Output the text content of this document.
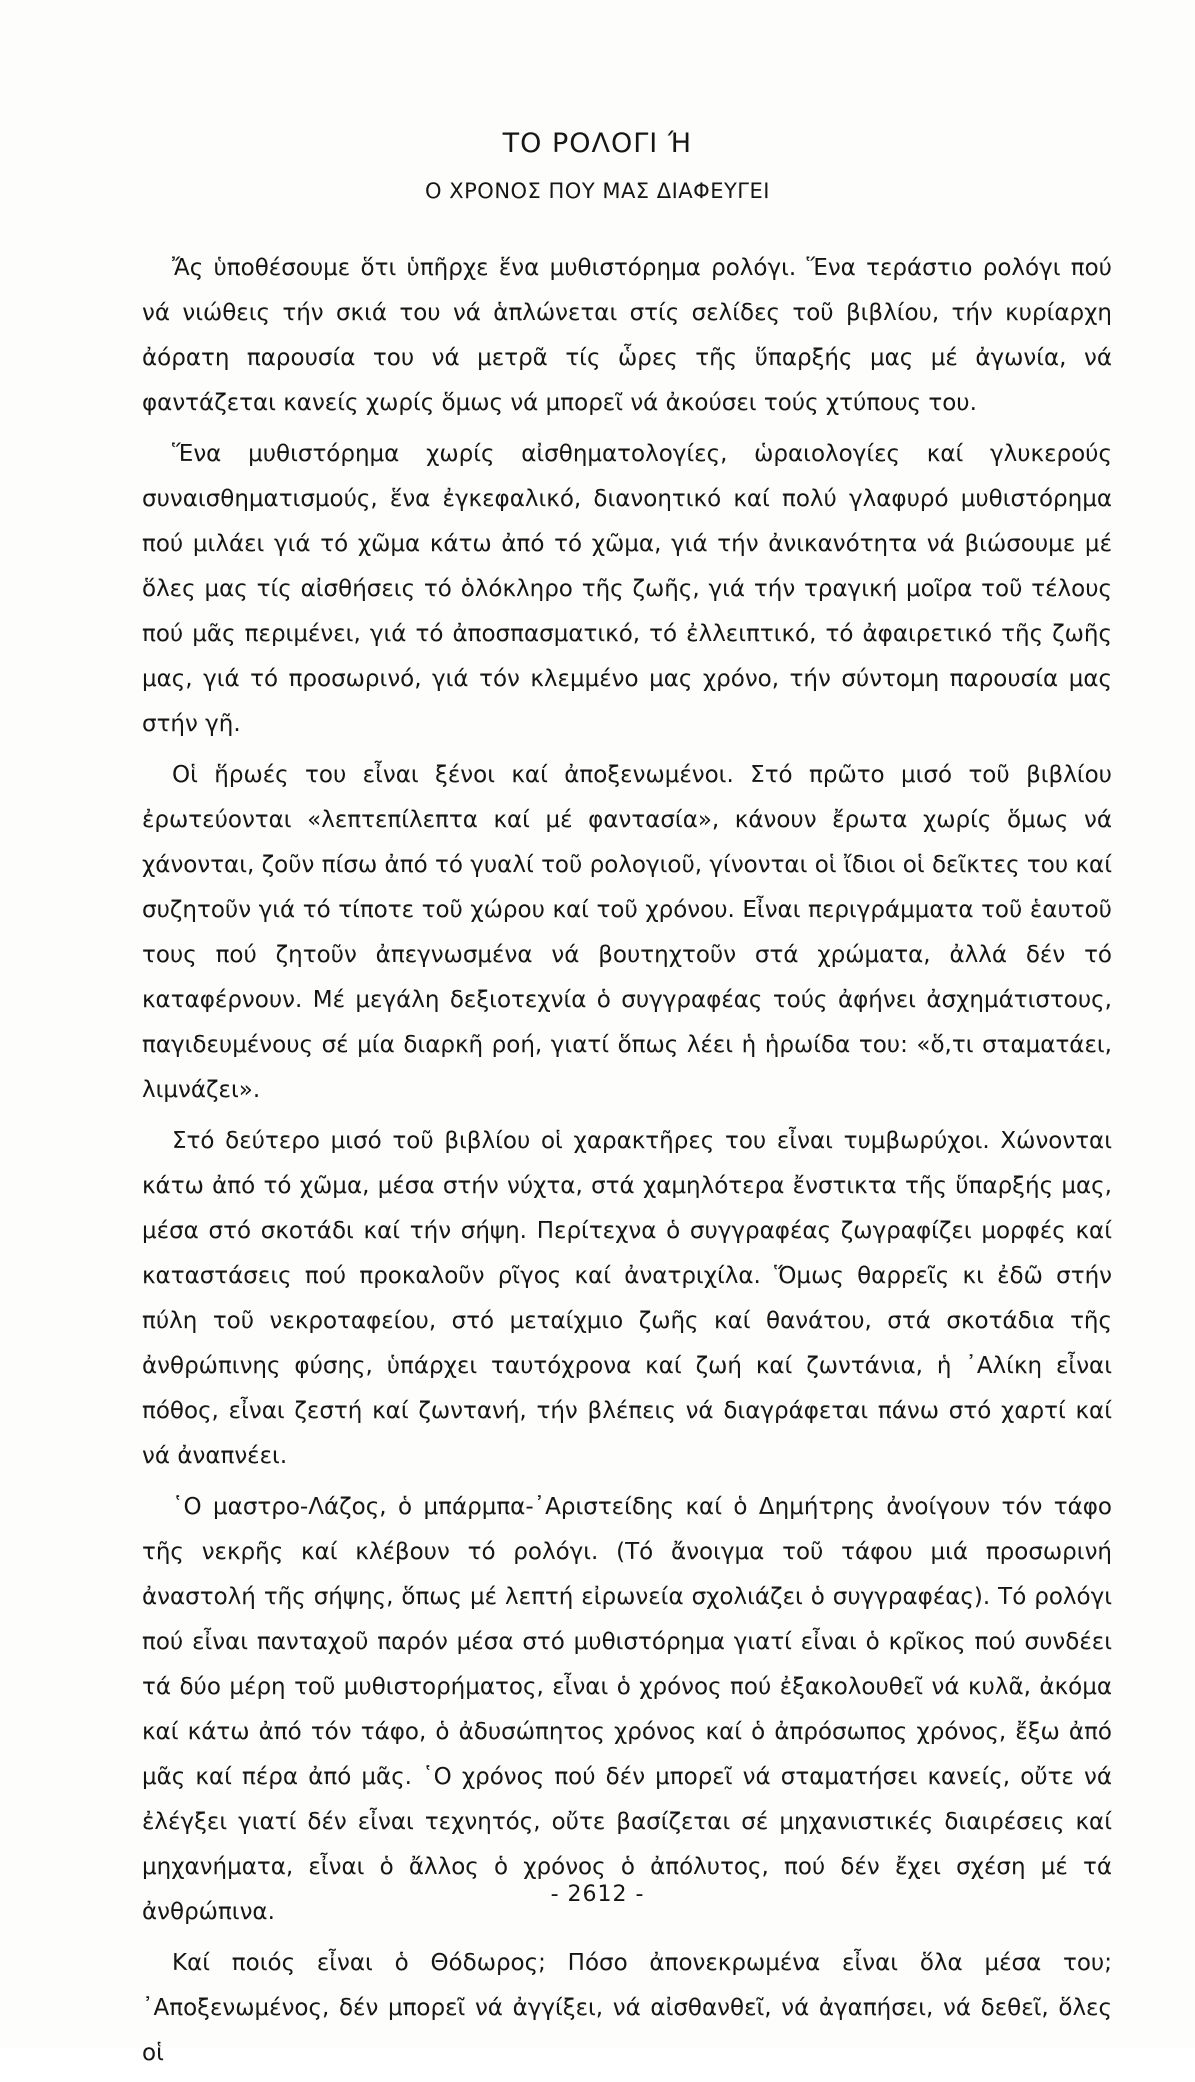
ΤΟ ΡΟΛΟΓΙ Ή
Ο ΧΡΟΝΟΣ ΠΟΥ ΜΑΣ ΔΙΑΦΕΥΓΕΙ

Ἄς ὑποθέσουμε ὅτι ὑπῆρχε ἕνα μυθιστόρημα ρολόγι. Ἕνα τεράστιο ρολόγι πού νά νιώθεις τήν σκιά του νά ἁπλώνεται στίς σελίδες τοῦ βιβλίου, τήν κυρίαρχη ἀόρατη παρουσία του νά μετρᾶ τίς ὧρες τῆς ὕπαρξής μας μέ ἀγωνία, νά φαντάζεται κανείς χωρίς ὅμως νά μπορεῖ νά ἀκούσει τούς χτύπους του.

Ἕνα μυθιστόρημα χωρίς αἰσθηματολογίες, ὡραιολογίες καί γλυκερούς συναισθηματισμούς, ἕνα ἐγκεφαλικό, διανοητικό καί πολύ γλαφυρό μυθιστόρημα πού μιλάει γιά τό χῶμα κάτω ἀπό τό χῶμα, γιά τήν ἀνικανότητα νά βιώσουμε μέ ὅλες μας τίς αἰσθήσεις τό ὁλόκληρο τῆς ζωῆς, γιά τήν τραγική μοῖρα τοῦ τέλους πού μᾶς περιμένει, γιά τό ἀποσπασματικό, τό ἐλλειπτικό, τό ἀφαιρετικό τῆς ζωῆς μας, γιά τό προσωρινό, γιά τόν κλεμμένο μας χρόνο, τήν σύντομη παρουσία μας στήν γῆ.

Οἱ ἥρωές του εἶναι ξένοι καί ἀποξενωμένοι. Στό πρῶτο μισό τοῦ βιβλίου ἐρωτεύονται «λεπτεπίλεπτα καί μέ φαντασία», κάνουν ἔρωτα χωρίς ὅμως νά χάνονται, ζοῦν πίσω ἀπό τό γυαλί τοῦ ρολογιοῦ, γίνονται οἱ ἴδιοι οἱ δεῖκτες του καί συζητοῦν γιά τό τίποτε τοῦ χώρου καί τοῦ χρόνου. Εἶναι περιγράμματα τοῦ ἑαυτοῦ τους πού ζητοῦν ἀπεγνωσμένα νά βουτηχτοῦν στά χρώματα, ἀλλά δέν τό καταφέρνουν. Μέ μεγάλη δεξιοτεχνία ὁ συγγραφέας τούς ἀφήνει ἀσχημάτιστους, παγιδευμένους σέ μία διαρκῆ ροή, γιατί ὅπως λέει ἡ ἡρωίδα του: «ὅ,τι σταματάει, λιμνάζει».

Στό δεύτερο μισό τοῦ βιβλίου οἱ χαρακτῆρες του εἶναι τυμβωρύχοι. Χώνονται κάτω ἀπό τό χῶμα, μέσα στήν νύχτα, στά χαμηλότερα ἔνστικτα τῆς ὕπαρξής μας, μέσα στό σκοτάδι καί τήν σήψη. Περίτεχνα ὁ συγγραφέας ζωγραφίζει μορφές καί καταστάσεις πού προκαλοῦν ρῖγος καί ἀνατριχίλα. Ὅμως θαρρεῖς κι ἐδῶ στήν πύλη τοῦ νεκροταφείου, στό μεταίχμιο ζωῆς καί θανάτου, στά σκοτάδια τῆς ἀνθρώπινης φύσης, ὑπάρχει ταυτόχρονα καί ζωή καί ζωντάνια, ἡ ᾿Αλίκη εἶναι πόθος, εἶναι ζεστή καί ζωντανή, τήν βλέπεις νά διαγράφεται πάνω στό χαρτί καί νά ἀναπνέει.

῾Ο μαστρο-Λάζος, ὁ μπάρμπα-᾿Αριστείδης καί ὁ Δημήτρης ἀνοίγουν τόν τάφο τῆς νεκρῆς καί κλέβουν τό ρολόγι. (Τό ἄνοιγμα τοῦ τάφου μιά προσωρινή ἀναστολή τῆς σήψης, ὅπως μέ λεπτή εἰρωνεία σχολιάζει ὁ συγγραφέας). Τό ρολόγι πού εἶναι πανταχοῦ παρόν μέσα στό μυθιστόρημα γιατί εἶναι ὁ κρῖκος πού συνδέει τά δύο μέρη τοῦ μυθιστορήματος, εἶναι ὁ χρόνος πού ἐξακολουθεῖ νά κυλᾶ, ἀκόμα καί κάτω ἀπό τόν τάφο, ὁ ἀδυσώπητος χρόνος καί ὁ ἀπρόσωπος χρόνος, ἔξω ἀπό μᾶς καί πέρα ἀπό μᾶς. ῾Ο χρόνος πού δέν μπορεῖ νά σταματήσει κανείς, οὔτε νά ἐλέγξει γιατί δέν εἶναι τεχνητός, οὔτε βασίζεται σέ μηχανιστικές διαιρέσεις καί μηχανήματα, εἶναι ὁ ἄλλος ὁ χρόνος ὁ ἀπόλυτος, πού δέν ἔχει σχέση μέ τά ἀνθρώπινα.

Καί ποιός εἶναι ὁ Θόδωρος; Πόσο ἀπονεκρωμένα εἶναι ὅλα μέσα του; ᾿Αποξενωμένος, δέν μπορεῖ νά ἀγγίξει, νά αἰσθανθεῖ, νά ἀγαπήσει, νά δεθεῖ, ὅλες οἱ

- 2612 -
